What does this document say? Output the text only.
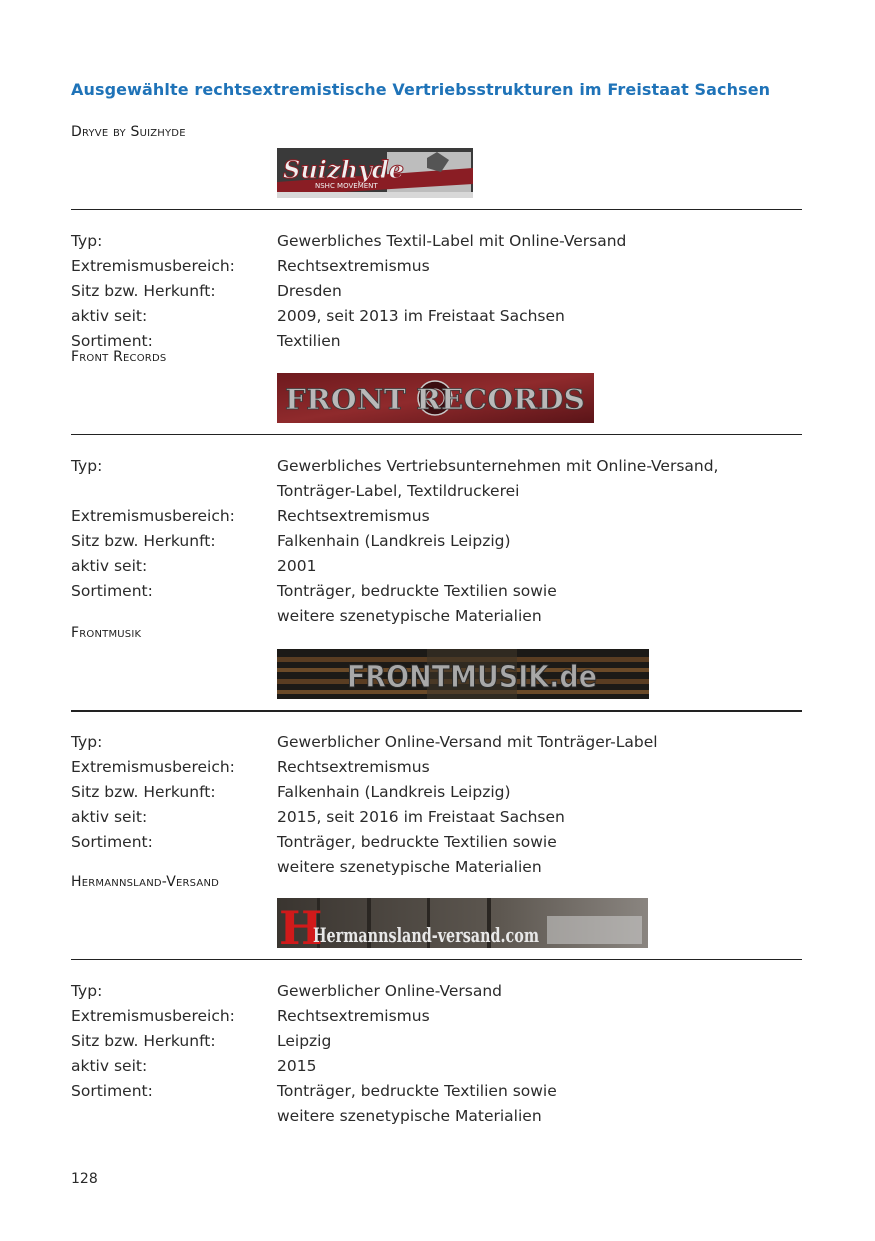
Ausgewählte rechtsextremistische Vertriebsstrukturen im Freistaat Sachsen
Suizhyde
NSHC MOVEMENT
Dryve by Suizhyde
Typ:	Gewerbliches Textil-Label mit Online-Versand
Extremismusbereich:	Rechtsextremismus
Sitz bzw. Herkunft:	Dresden
aktiv seit:	2009, seit 2013 im Freistaat Sachsen
Sortiment:	Textilien
FRONT RECORDS
Front Records
Typ:	Gewerbliches Vertriebsunternehmen mit Online-Versand,
Tonträger-Label, Textildruckerei
Extremismusbereich:	Rechtsextremismus
Sitz bzw. Herkunft:	Falkenhain (Landkreis Leipzig)
aktiv seit:	2001
Sortiment:	Tonträger, bedruckte Textilien sowie
weitere szenetypische Materialien
FRONTMUSIK.de
Frontmusik
Typ:	Gewerblicher Online-Versand mit Tonträger-Label
Extremismusbereich:	Rechtsextremismus
Sitz bzw. Herkunft:	Falkenhain (Landkreis Leipzig)
aktiv seit:	2015, seit 2016 im Freistaat Sachsen
Sortiment:	Tonträger, bedruckte Textilien sowie
weitere szenetypische Materialien
H
Hermannsland-versand.com
Hermannsland-Versand
Typ:	Gewerblicher Online-Versand
Extremismusbereich:	Rechtsextremismus
Sitz bzw. Herkunft:	Leipzig
aktiv seit:	2015
Sortiment:	Tonträger, bedruckte Textilien sowie
weitere szenetypische Materialien
128
